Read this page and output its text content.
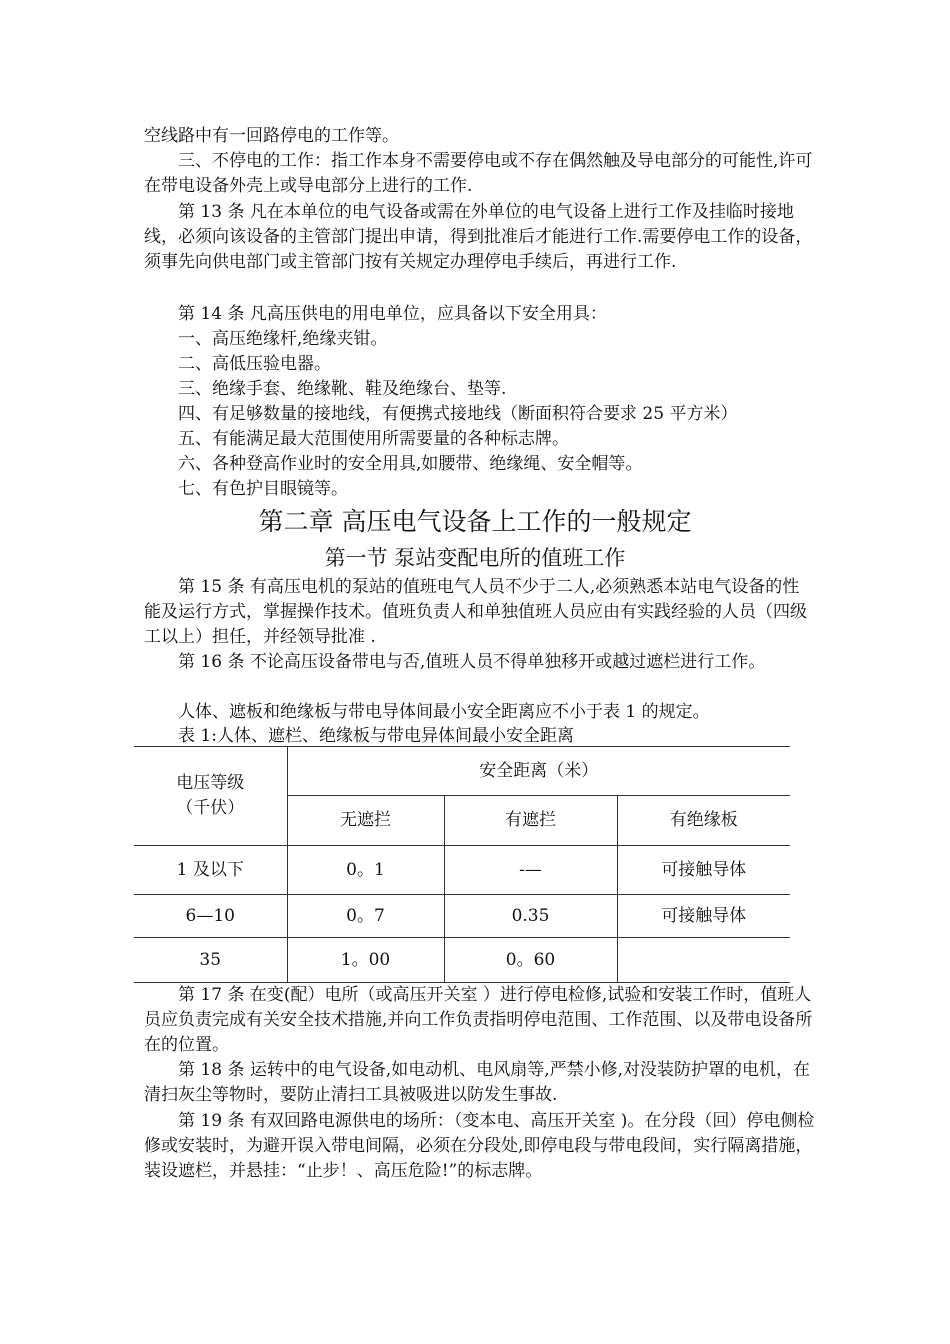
空线路中有一回路停电的工作等。

三、不停电的工作：指工作本身不需要停电或不存在偶然触及导电部分的可能性,许可在带电设备外壳上或导电部分上进行的工作.

第 13 条 凡在本单位的电气设备或需在外单位的电气设备上进行工作及挂临时接地线，必须向该设备的主管部门提出申请，得到批准后才能进行工作.需要停电工作的设备，须事先向供电部门或主管部门按有关规定办理停电手续后，再进行工作.

第 14 条 凡高压供电的用电单位，应具备以下安全用具：
一、高压绝缘杆,绝缘夹钳。
二、高低压验电器。
三、绝缘手套、绝缘靴、鞋及绝缘台、垫等.
四、有足够数量的接地线，有便携式接地线（断面积符合要求 25 平方米）
五、有能满足最大范围使用所需要量的各种标志牌。
六、各种登高作业时的安全用具,如腰带、绝缘绳、安全帽等。
七、有色护目眼镜等。
第二章 高压电气设备上工作的一般规定
第一节 泵站变配电所的值班工作

第 15 条 有高压电机的泵站的值班电气人员不少于二人,必须熟悉本站电气设备的性能及运行方式，掌握操作技术。值班负责人和单独值班人员应由有实践经验的人员（四级工以上）担任，并经领导批准 .

第 16 条 不论高压设备带电与否,值班人员不得单独移开或越过遮栏进行工作。

人体、遮板和绝缘板与带电导体间最小安全距离应不小于表 1 的规定。
表 1:人体、遮栏、绝缘板与带电异体间最小安全距离
电压等级
（千伏）	安全距离（米）		
	无遮拦	有遮拦	有绝缘板
1 及以下	0。1	-—	可接触导体
6—10	0。7	0.35	可接触导体
35	1。00	0。60	

第 17 条 在变(配）电所（或高压开关室 ）进行停电检修,试验和安装工作时，值班人员应负责完成有关安全技术措施,并向工作负责指明停电范围、工作范围、以及带电设备所在的位置。

第 18 条 运转中的电气设备,如电动机、电风扇等,严禁小修,对没装防护罩的电机，在清扫灰尘等物时，要防止清扫工具被吸进以防发生事故.

第 19 条 有双回路电源供电的场所：（变本电、高压开关室 )。在分段（回）停电侧检修或安装时，为避开误入带电间隔，必须在分段处,即停电段与带电段间，实行隔离措施，装设遮栏，并悬挂：“止步！、高压危险!”的标志牌。
